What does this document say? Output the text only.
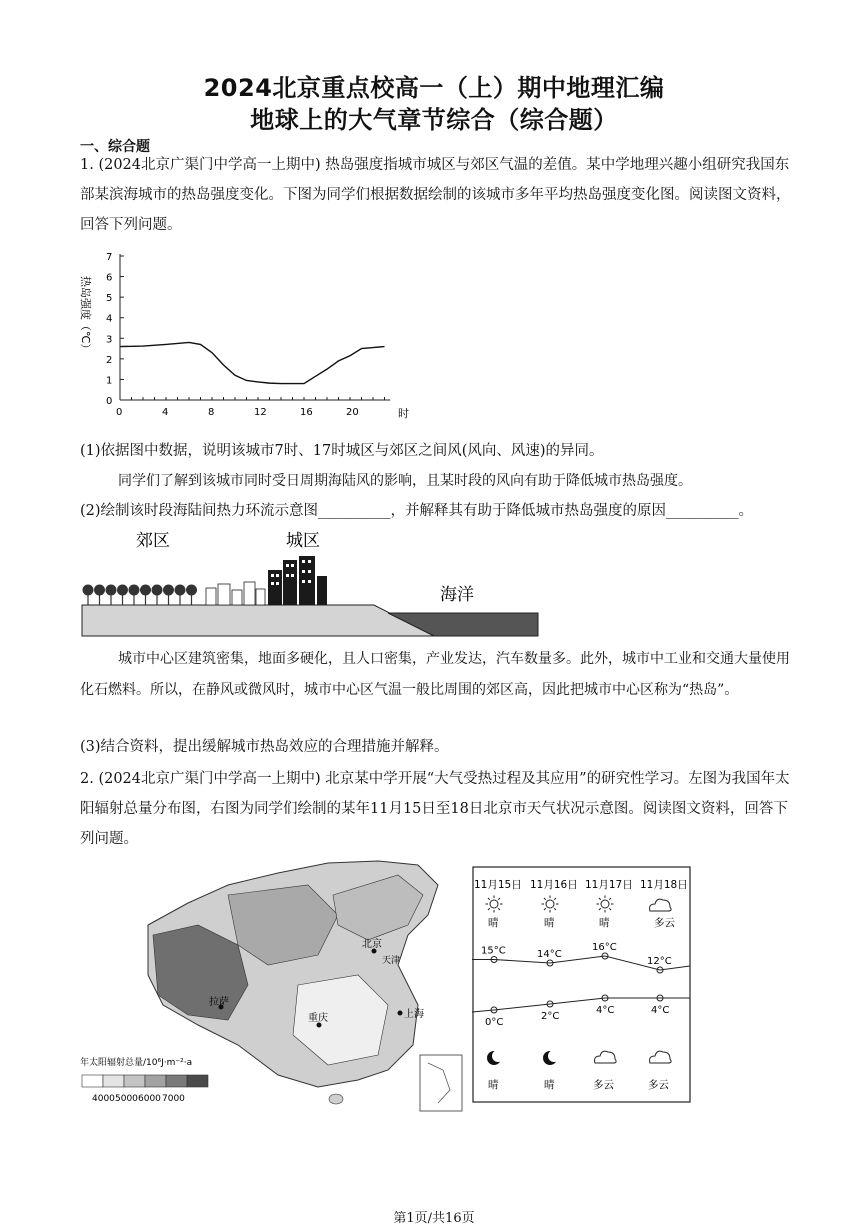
2024北京重点校高一（上）期中地理汇编
地球上的大气章节综合（综合题）
一、综合题
1. (2024北京广渠门中学高一上期中) 热岛强度指城市城区与郊区气温的差值。某中学地理兴趣小组研究我国东部某滨海城市的热岛强度变化。下图为同学们根据数据绘制的该城市多年平均热岛强度变化图。阅读图文资料，回答下列问题。
0
1
2
3
4
5
6
7
0	4	8	12	16	20
热岛强度（℃）
时
(1)依据图中数据，说明该城市7时、17时城区与郊区之间风(风向、风速)的异同。
同学们了解到该城市同时受日周期海陆风的影响，且某时段的风向有助于降低城市热岛强度。
(2)绘制该时段海陆间热力环流示意图__________，并解释其有助于降低城市热岛强度的原因__________。
郊区	城区
海洋
城市中心区建筑密集，地面多硬化，且人口密集，产业发达，汽车数量多。此外，城市中工业和交通大量使用化石燃料。所以，在静风或微风时，城市中心区气温一般比周围的郊区高，因此把城市中心区称为“热岛”。
(3)结合资料，提出缓解城市热岛效应的合理措施并解释。
2. (2024北京广渠门中学高一上期中) 北京某中学开展“大气受热过程及其应用”的研究性学习。左图为我国年太阳辐射总量分布图，右图为同学们绘制的某年11月15日至18日北京市天气状况示意图。阅读图文资料，回答下列问题。
北京
拉萨
重庆	上海
天津
年太阳辐射总量/10⁶J·m⁻²·a
4000 5000 6000 7000
11月15日
晴
15°C
0°C
晴
11月16日
晴
14°C
2°C
晴
11月17日
晴
16°C
4°C
多云
11月18日
多云
12°C
4°C
多云
第1页/共16页
